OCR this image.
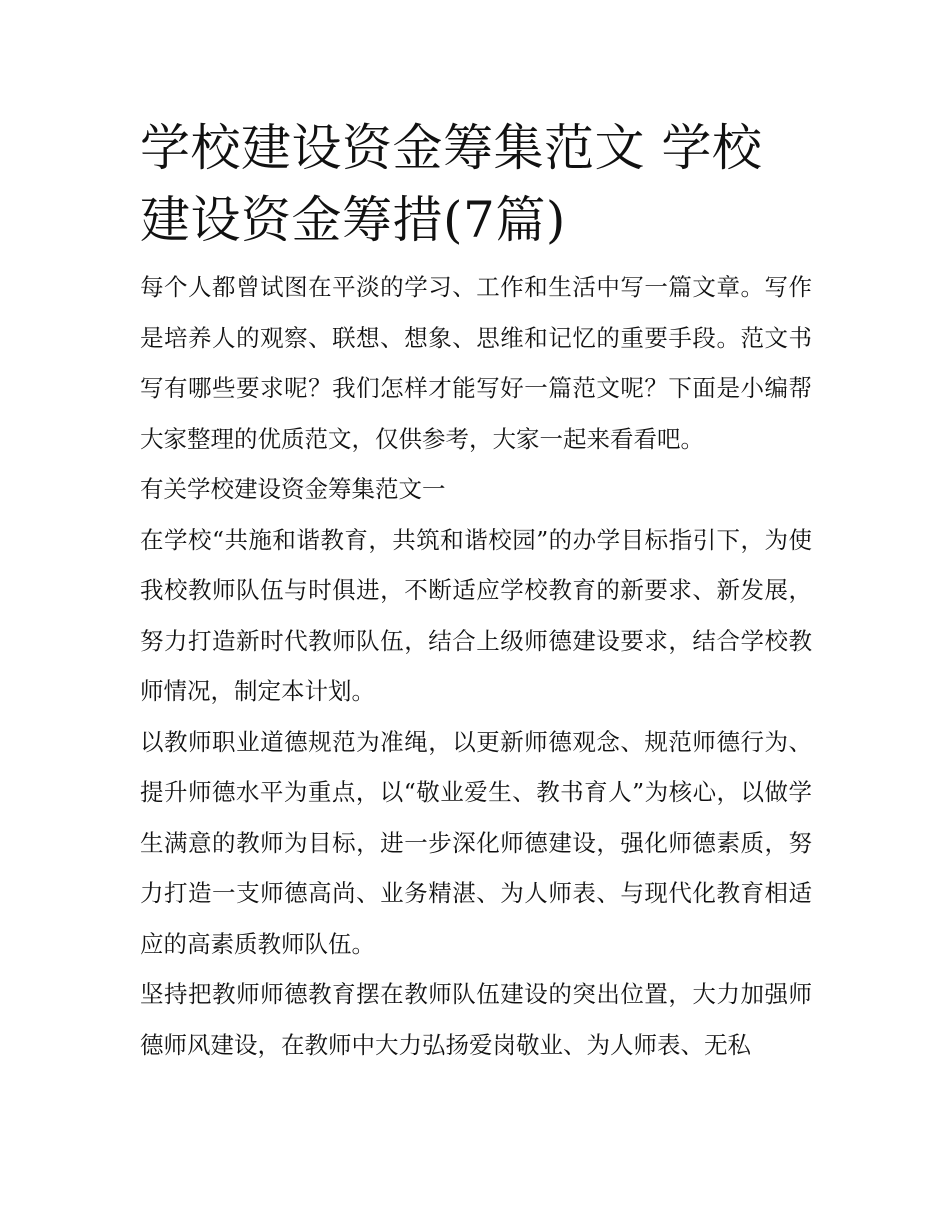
学校建设资金筹集范文 学校建设资金筹措(7篇)

每个人都曾试图在平淡的学习、工作和生活中写一篇文章。写作是培养人的观察、联想、想象、思维和记忆的重要手段。范文书写有哪些要求呢？我们怎样才能写好一篇范文呢？下面是小编帮大家整理的优质范文，仅供参考，大家一起来看看吧。

有关学校建设资金筹集范文一

在学校“共施和谐教育，共筑和谐校园”的办学目标指引下，为使我校教师队伍与时俱进，不断适应学校教育的新要求、新发展，努力打造新时代教师队伍，结合上级师德建设要求，结合学校教师情况，制定本计划。

以教师职业道德规范为准绳，以更新师德观念、规范师德行为、提升师德水平为重点，以“敬业爱生、教书育人”为核心，以做学生满意的教师为目标，进一步深化师德建设，强化师德素质，努力打造一支师德高尚、业务精湛、为人师表、与现代化教育相适应的高素质教师队伍。

坚持把教师师德教育摆在教师队伍建设的突出位置，大力加强师德师风建设，在教师中大力弘扬爱岗敬业、为人师表、无私
